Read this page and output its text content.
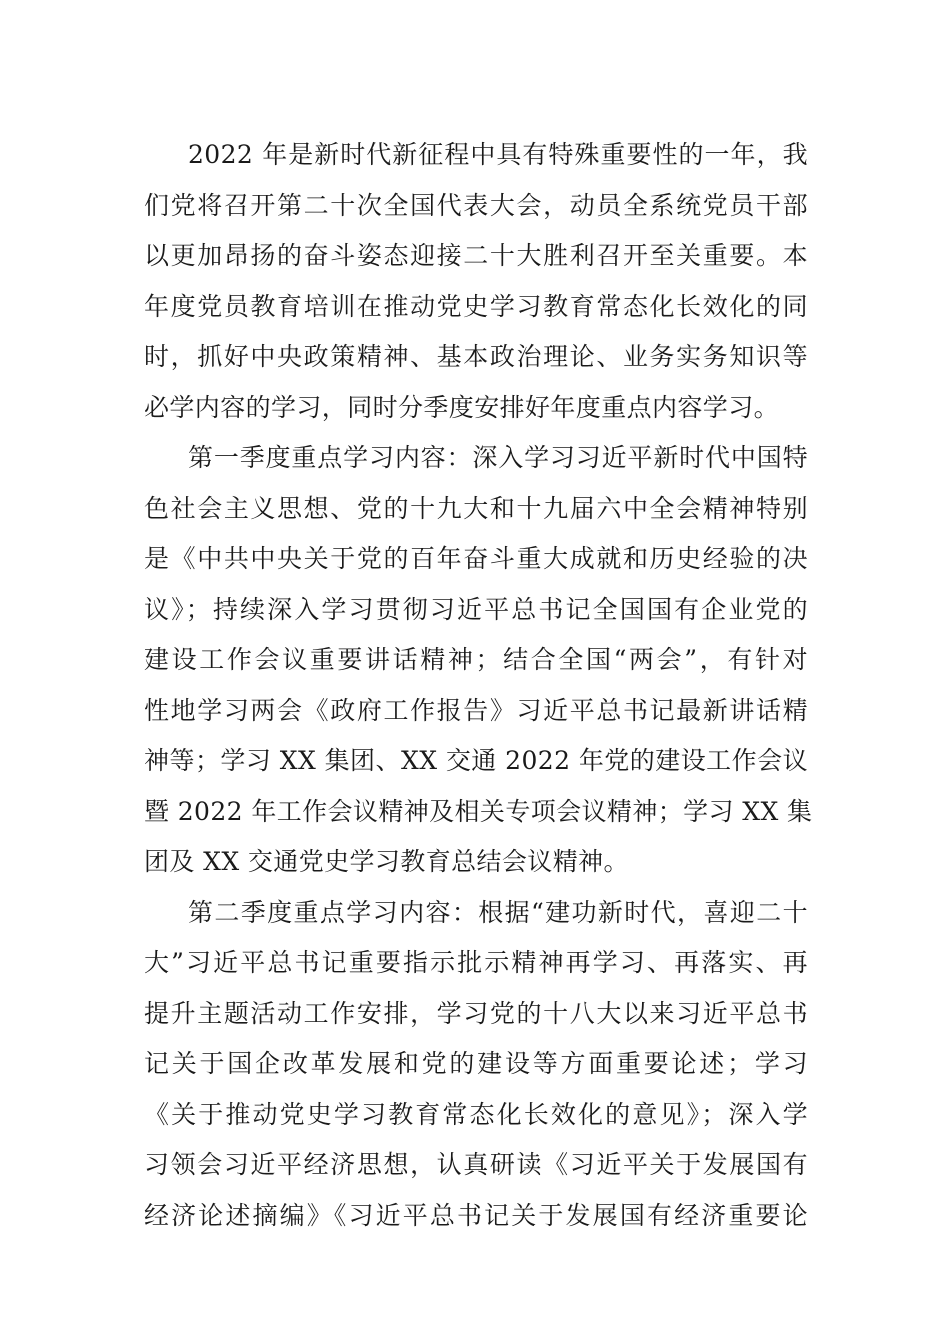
2022 年是新时代新征程中具有特殊重要性的一年，我
们党将召开第二十次全国代表大会，动员全系统党员干部
以更加昂扬的奋斗姿态迎接二十大胜利召开至关重要。本
年度党员教育培训在推动党史学习教育常态化长效化的同
时，抓好中央政策精神、基本政治理论、业务实务知识等
必学内容的学习，同时分季度安排好年度重点内容学习。
第一季度重点学习内容：深入学习习近平新时代中国特
色社会主义思想、党的十九大和十九届六中全会精神特别
是《中共中央关于党的百年奋斗重大成就和历史经验的决
议》；持续深入学习贯彻习近平总书记全国国有企业党的
建设工作会议重要讲话精神；结合全国“两会”，有针对
性地学习两会《政府工作报告》习近平总书记最新讲话精
神等；学习 XX 集团、XX 交通 2022 年党的建设工作会议
暨 2022 年工作会议精神及相关专项会议精神；学习 XX 集
团及 XX 交通党史学习教育总结会议精神。
第二季度重点学习内容：根据“建功新时代，喜迎二十
大”习近平总书记重要指示批示精神再学习、再落实、再
提升主题活动工作安排，学习党的十八大以来习近平总书
记关于国企改革发展和党的建设等方面重要论述；学习
《关于推动党史学习教育常态化长效化的意见》；深入学
习领会习近平经济思想，认真研读《习近平关于发展国有
经济论述摘编》《习近平总书记关于发展国有经济重要论
